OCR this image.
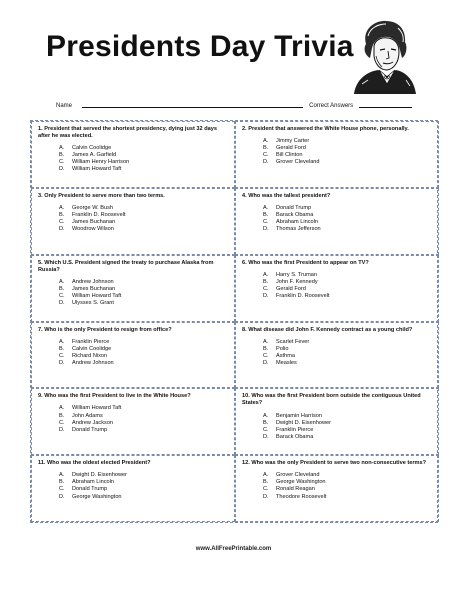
Presidents Day Trivia
Name	Correct Answers
1. President that served the shortest presidency, dying just 32 days after he was elected.
A.	Calvin Coolidge
B.	James A. Garfield
C.	William Henry Harrison
D.	William Howard Taft
2. President that answered the White House phone, personally.
A.	Jimmy Carter
B.	Gerald Ford
C.	Bill Clinton
D.	Grover Cleveland
3. Only President to serve more than two terms.
A.	George W. Bush
B.	Franklin D. Roosevelt
C.	James Buchanan
D.	Woodrow Wilson
4. Who was the tallest president?
A.	Donald Trump
B.	Barack Obama
C.	Abraham Lincoln
D.	Thomas Jefferson
5. Which U.S. President signed the treaty to purchase Alaska from Russia?
A.	Andrew Johnson
B.	James Buchanan
C.	William Howard Taft
D.	Ulysses S. Grant
6. Who was the first President to appear on TV?
A.	Harry S. Truman
B.	John F. Kennedy
C.	Gerald Ford
D.	Franklin D. Roosevelt
7. Who is the only President to resign from office?
A.	Franklin Pierce
B.	Calvin Coolidge
C.	Richard Nixon
D.	Andrew Johnson
8. What disease did John F. Kennedy contract as a young child?
A.	Scarlet Fever
B.	Polio
C.	Asthma
D.	Measles
9. Who was the first President to live in the White House?
A.	William Howard Taft
B.	John Adams
C.	Andrew Jackson
D.	Donald Trump
10. Who was the first President born outside the contiguous United States?
A.	Benjamin Harrison
B.	Dwight D. Eisenhower
C.	Franklin Pierce
D.	Barack Obama
11. Who was the oldest elected President?
A.	Dwight D. Eisenhower
B.	Abraham Lincoln
C.	Donald Trump
D.	George Washington
12. Who was the only President to serve two non-consecutive terms?
A.	Grover Cleveland
B.	George Washington
C.	Ronald Reagan
D.	Theodore Roosevelt
www.AllFreePrintable.com
